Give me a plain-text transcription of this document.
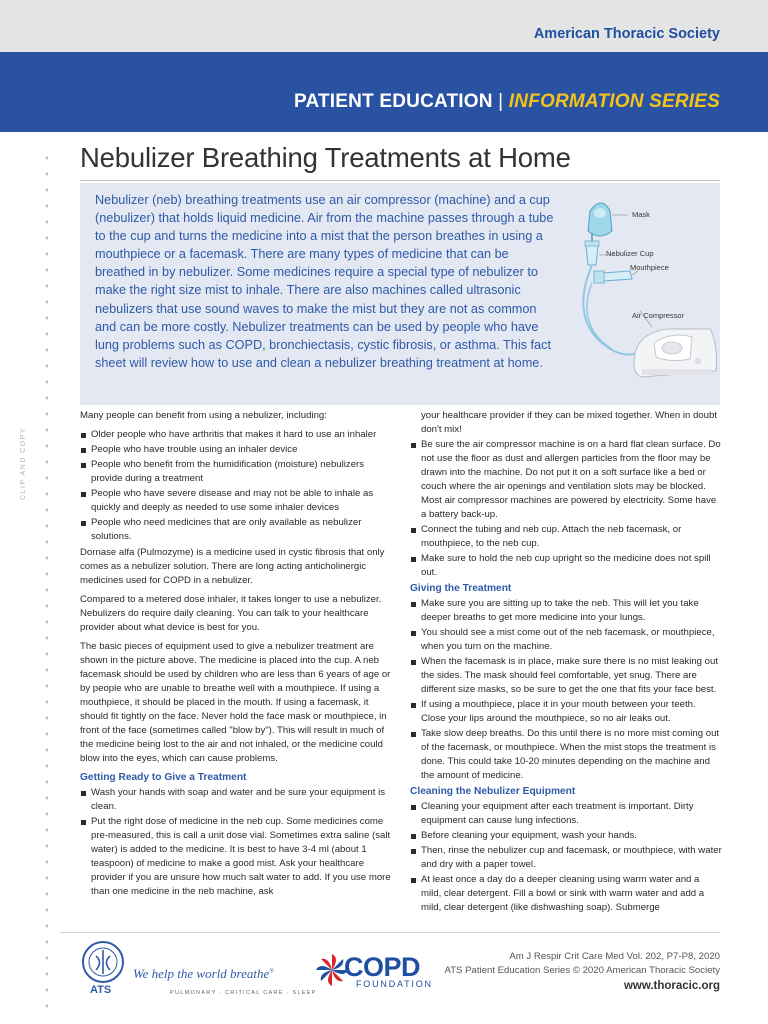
American Thoracic Society
PATIENT EDUCATION | INFORMATION SERIES
CLIP AND COPY
Nebulizer Breathing Treatments at Home

Nebulizer (neb) breathing treatments use an air compressor (machine) and a cup (nebulizer) that holds liquid medicine. Air from the machine passes through a tube to the cup and turns the medicine into a mist that the person breathes in using a mouthpiece or a facemask. There are many types of medicine that can be breathed in by nebulizer. Some medicines require a special type of nebulizer to make the right size mist to inhale. There are also machines called ultrasonic nebulizers that use sound waves to make the mist but they are not as common and can be more costly. Nebulizer treatments can be used by people who have lung problems such as COPD, bronchiectasis, cystic fibrosis, or asthma. This fact sheet will review how to use and clean a nebulizer breathing treatment at home.

Mask
Nebulizer Cup
Mouthpiece
Air Compressor

Many people can benefit from using a nebulizer, including:

Older people who have arthritis that makes it hard to use an inhaler
People who have trouble using an inhaler device
People who benefit from the humidification (moisture) nebulizers provide during a treatment
People who have severe disease and may not be able to inhale as quickly and deeply as needed to use some inhaler devices
People who need medicines that are only available as nebulizer solutions.

Dornase alfa (Pulmozyme) is a medicine used in cystic fibrosis that only comes as a nebulizer solution. There are long acting anticholinergic medicines used for COPD in a nebulizer.

Compared to a metered dose inhaler, it takes longer to use a nebulizer. Nebulizers do require daily cleaning. You can talk to your healthcare provider about what device is best for you.

The basic pieces of equipment used to give a nebulizer treatment are shown in the picture above. The medicine is placed into the cup. A neb facemask should be used by children who are less than 6 years of age or by people who are unable to breathe well with a mouthpiece. If using a mouthpiece, it should be placed in the mouth. If using a facemask, it should fit tightly on the face. Never hold the face mask or mouthpiece, in front of the face (sometimes called "blow by"). This will result in much of the medicine being lost to the air and not inhaled, or the medicine could blow into the eyes, which can cause problems.

Getting Ready to Give a Treatment
Wash your hands with soap and water and be sure your equipment is clean.
Put the right dose of medicine in the neb cup. Some medicines come pre-measured, this is call a unit dose vial. Sometimes extra saline (salt water) is added to the medicine. It is best to have 3-4 ml (about 1 teaspoon) of medicine to make a good mist. Ask your healthcare provider if you are unsure how much salt water to add. If you use more than one medicine in the neb machine, ask

your healthcare provider if they can be mixed together. When in doubt don't mix!

Be sure the air compressor machine is on a hard flat clean surface. Do not use the floor as dust and allergen particles from the floor may be drawn into the machine. Do not put it on a soft surface like a bed or couch where the air openings and ventilation slots may be blocked. Most air compressor machines are powered by electricity. Some have a battery back-up.
Connect the tubing and neb cup. Attach the neb facemask, or mouthpiece, to the neb cup.
Make sure to hold the neb cup upright so the medicine does not spill out.
Giving the Treatment
Make sure you are sitting up to take the neb. This will let you take deeper breaths to get more medicine into your lungs.
You should see a mist come out of the neb facemask, or mouthpiece, when you turn on the machine.
When the facemask is in place, make sure there is no mist leaking out the sides. The mask should feel comfortable, yet snug. There are different size masks, so be sure to get the one that fits your face best.
If using a mouthpiece, place it in your mouth between your teeth. Close your lips around the mouthpiece, so no air leaks out.
Take slow deep breaths. Do this until there is no more mist coming out of the facemask, or mouthpiece. When the mist stops the treatment is done. This could take 10-20 minutes depending on the machine and the amount of medicine.
Cleaning the Nebulizer Equipment
Cleaning your equipment after each treatment is important. Dirty equipment can cause lung infections.
Before cleaning your equipment, wash your hands.
Then, rinse the nebulizer cup and facemask, or mouthpiece, with water and dry with a paper towel.
At least once a day do a deeper cleaning using warm water and a mild, clear detergent. Fill a bowl or sink with warm water and add a mild, clear detergent (like dishwashing soap). Submerge
ATS
We help the world breathe®
PULMONARY · CRITICAL CARE · SLEEP
COPD
FOUNDATION
Am J Respir Crit Care Med Vol. 202, P7-P8, 2020
ATS Patient Education Series © 2020 American Thoracic Society
www.thoracic.org
